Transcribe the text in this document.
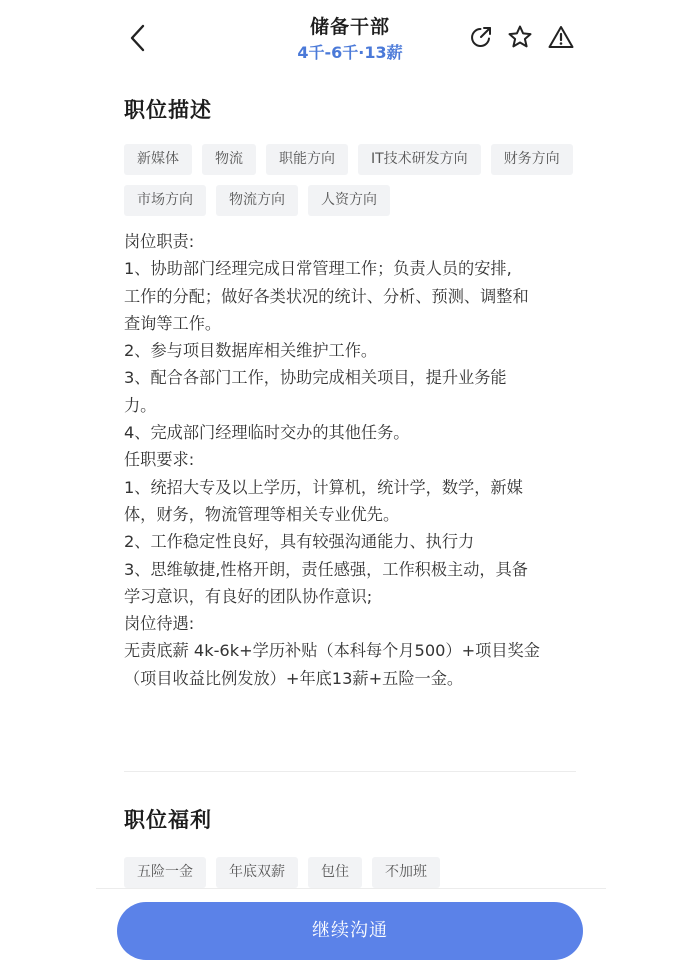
储备干部
4千-6千·13薪
职位描述
新媒体	物流	职能方向	IT技术研发方向	财务方向
市场方向	物流方向	人资方向
岗位职责:
1、协助部门经理完成日常管理工作；负责人员的安排,
工作的分配；做好各类状况的统计、分析、预测、调整和
查询等工作。
2、参与项目数据库相关维护工作。
3、配合各部门工作，协助完成相关项目，提升业务能
力。
4、完成部门经理临时交办的其他任务。
任职要求:
1、统招大专及以上学历，计算机，统计学，数学，新媒
体，财务，物流管理等相关专业优先。
2、工作稳定性良好，具有较强沟通能力、执行力
3、思维敏捷,性格开朗，责任感强，工作积极主动，具备
学习意识，有良好的团队协作意识;
岗位待遇:
无责底薪 4k-6k+学历补贴（本科每个月500）+项目奖金
（项目收益比例发放）+年底13薪+五险一金。
职位福利
五险一金	年底双薪	包住	不加班
继续沟通
